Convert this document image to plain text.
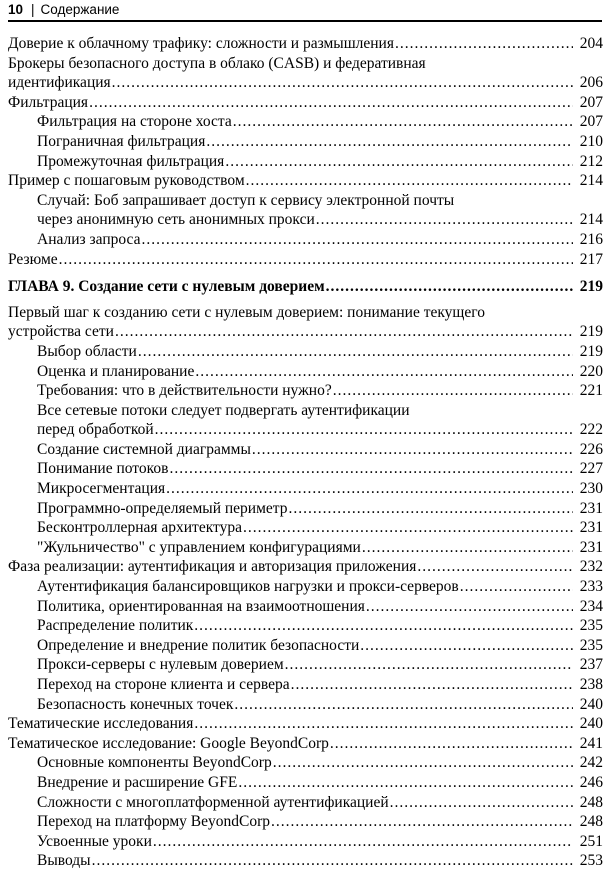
10 | Содержание
Доверие к облачному трафику: сложности и размышления .....	204
Брокеры безопасного доступа в облако (CASB) и федеративная
идентификация .....	206
Фильтрация .....	207
Фильтрация на стороне хоста .....	207
Пограничная фильтрация .....	210
Промежуточная фильтрация .....	212
Пример с пошаговым руководством .....	214
Случай: Боб запрашивает доступ к сервису электронной почты
через анонимную сеть анонимных прокси .....	214
Анализ запроса .....	216
Резюме .....	217
ГЛАВА 9. Создание сети с нулевым доверием .....	219
Первый шаг к созданию сети с нулевым доверием: понимание текущего
устройства сети .....	219
Выбор области .....	219
Оценка и планирование .....	220
Требования: что в действительности нужно? .....	221
Все сетевые потоки следует подвергать аутентификации
перед обработкой .....	222
Создание системной диаграммы .....	226
Понимание потоков .....	227
Микросегментация .....	230
Программно-определяемый периметр .....	231
Бесконтроллерная архитектура .....	231
"Жульничество" с управлением конфигурациями .....	231
Фаза реализации: аутентификация и авторизация приложения .....	232
Аутентификация балансировщиков нагрузки и прокси-серверов .....	233
Политика, ориентированная на взаимоотношения .....	234
Распределение политик .....	235
Определение и внедрение политик безопасности .....	235
Прокси-серверы с нулевым доверием .....	237
Переход на стороне клиента и сервера .....	238
Безопасность конечных точек .....	240
Тематические исследования .....	240
Тематическое исследование: Google BeyondCorp .....	241
Основные компоненты BeyondCorp .....	242
Внедрение и расширение GFE .....	246
Сложности с многоплатформенной аутентификацией .....	248
Переход на платформу BeyondCorp .....	248
Усвоенные уроки .....	251
Выводы .....	253
